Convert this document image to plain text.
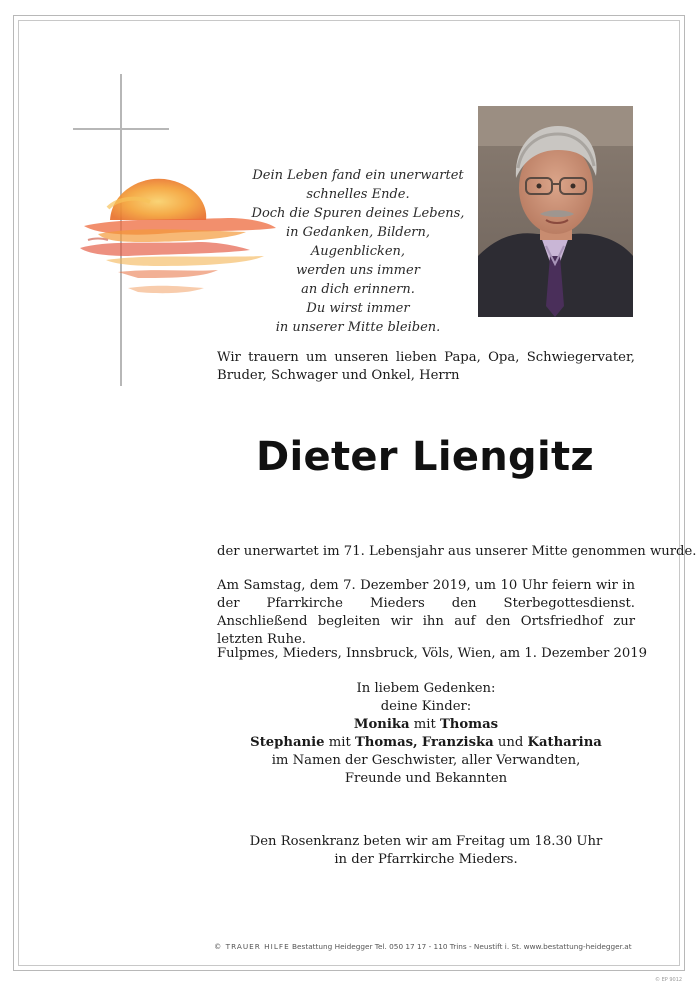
Dein Leben fand ein unerwartet
schnelles Ende.
Doch die Spuren deines Lebens,
in Gedanken, Bildern,
Augenblicken,
werden uns immer
an dich erinnern.
Du wirst immer
in unserer Mitte bleiben.
Wir trauern um unseren lieben Papa, Opa, Schwiegervater, Bruder, Schwager und Onkel, Herrn
Dieter Liengitz
der unerwartet im 71. Lebensjahr aus unserer Mitte genommen wurde.
Am Samstag, dem 7. Dezember 2019, um 10 Uhr feiern wir in der Pfarrkirche Mieders den Sterbegottesdienst. Anschließend begleiten wir ihn auf den Ortsfriedhof zur letzten Ruhe.
Fulpmes, Mieders, Innsbruck, Völs, Wien, am 1. Dezember 2019
In liebem Gedenken:
deine Kinder:
Monika mit Thomas
Stephanie mit Thomas, Franziska und Katharina
im Namen der Geschwister, aller Verwandten,
Freunde und Bekannten
Den Rosenkranz beten wir am Freitag um 18.30 Uhr
in der Pfarrkirche Mieders.
© TRAUER HILFE Bestattung Heidegger Tel. 050 17 17 - 110 Trins - Neustift i. St. www.bestattung-heidegger.at
© EP 9012
